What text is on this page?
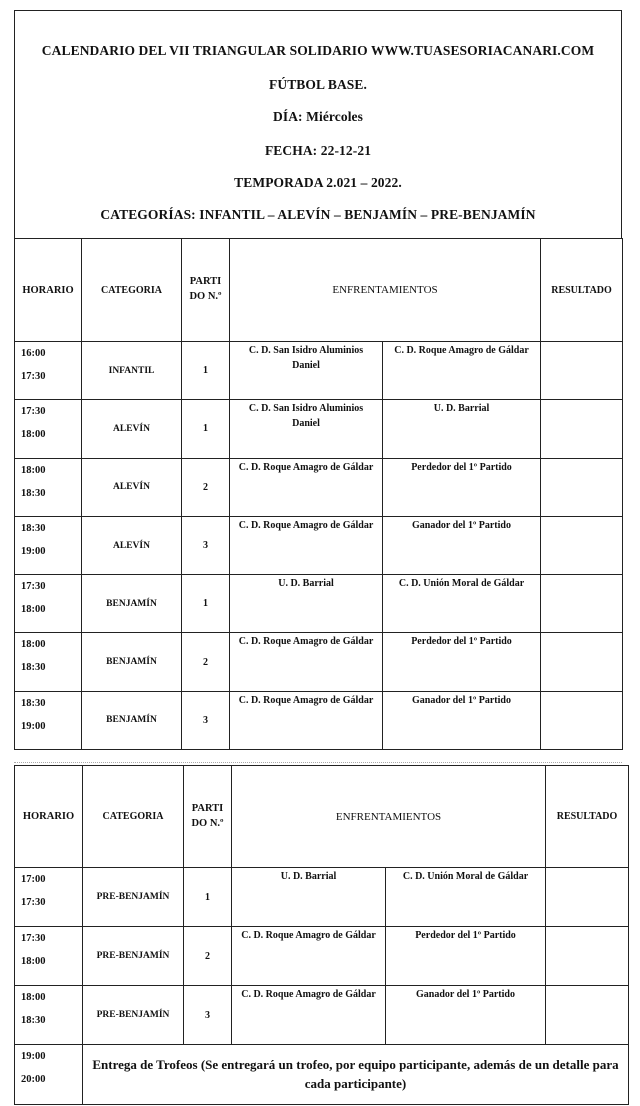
CALENDARIO DEL VII TRIANGULAR SOLIDARIO WWW.TUASESORIACANARI.COM
FÚTBOL BASE.
DÍA: Miércoles
FECHA: 22-12-21
TEMPORADA 2.021 – 2022.
CATEGORÍAS: INFANTIL – ALEVÍN – BENJAMÍN – PRE-BENJAMÍN
HORARIO	CATEGORIA	PARTI DO N.º	ENFRENTAMIENTOS		RESULTADO

16:00
17:30	INFANTIL	1	C. D. San Isidro Aluminios Daniel	C. D. Roque Amagro de Gáldar	

17:30
18:00	ALEVÍN	1	C. D. San Isidro Aluminios Daniel	U. D. Barrial	

18:00
18:30	ALEVÍN	2	C. D. Roque Amagro de Gáldar	Perdedor del 1º Partido	

18:30
19:00	ALEVÍN	3	C. D. Roque Amagro de Gáldar	Ganador del 1º Partido	

17:30
18:00	BENJAMÍN	1	U. D. Barrial	C. D. Unión Moral de Gáldar	

18:00
18:30	BENJAMÍN	2	C. D. Roque Amagro de Gáldar	Perdedor del 1º Partido	

18:30
19:00	BENJAMÍN	3	C. D. Roque Amagro de Gáldar	Ganador del 1º Partido	
HORARIO	CATEGORIA	PARTI DO N.º	ENFRENTAMIENTOS		RESULTADO

17:00
17:30	PRE-BENJAMÍN	1	U. D. Barrial	C. D. Unión Moral de Gáldar	

17:30
18:00	PRE-BENJAMÍN	2	C. D. Roque Amagro de Gáldar	Perdedor del 1º Partido	

18:00
18:30	PRE-BENJAMÍN	3	C. D. Roque Amagro de Gáldar	Ganador del 1º Partido	

19:00
20:00	Entrega de Trofeos (Se entregará un trofeo, por equipo participante, además de un detalle para cada participante)				
